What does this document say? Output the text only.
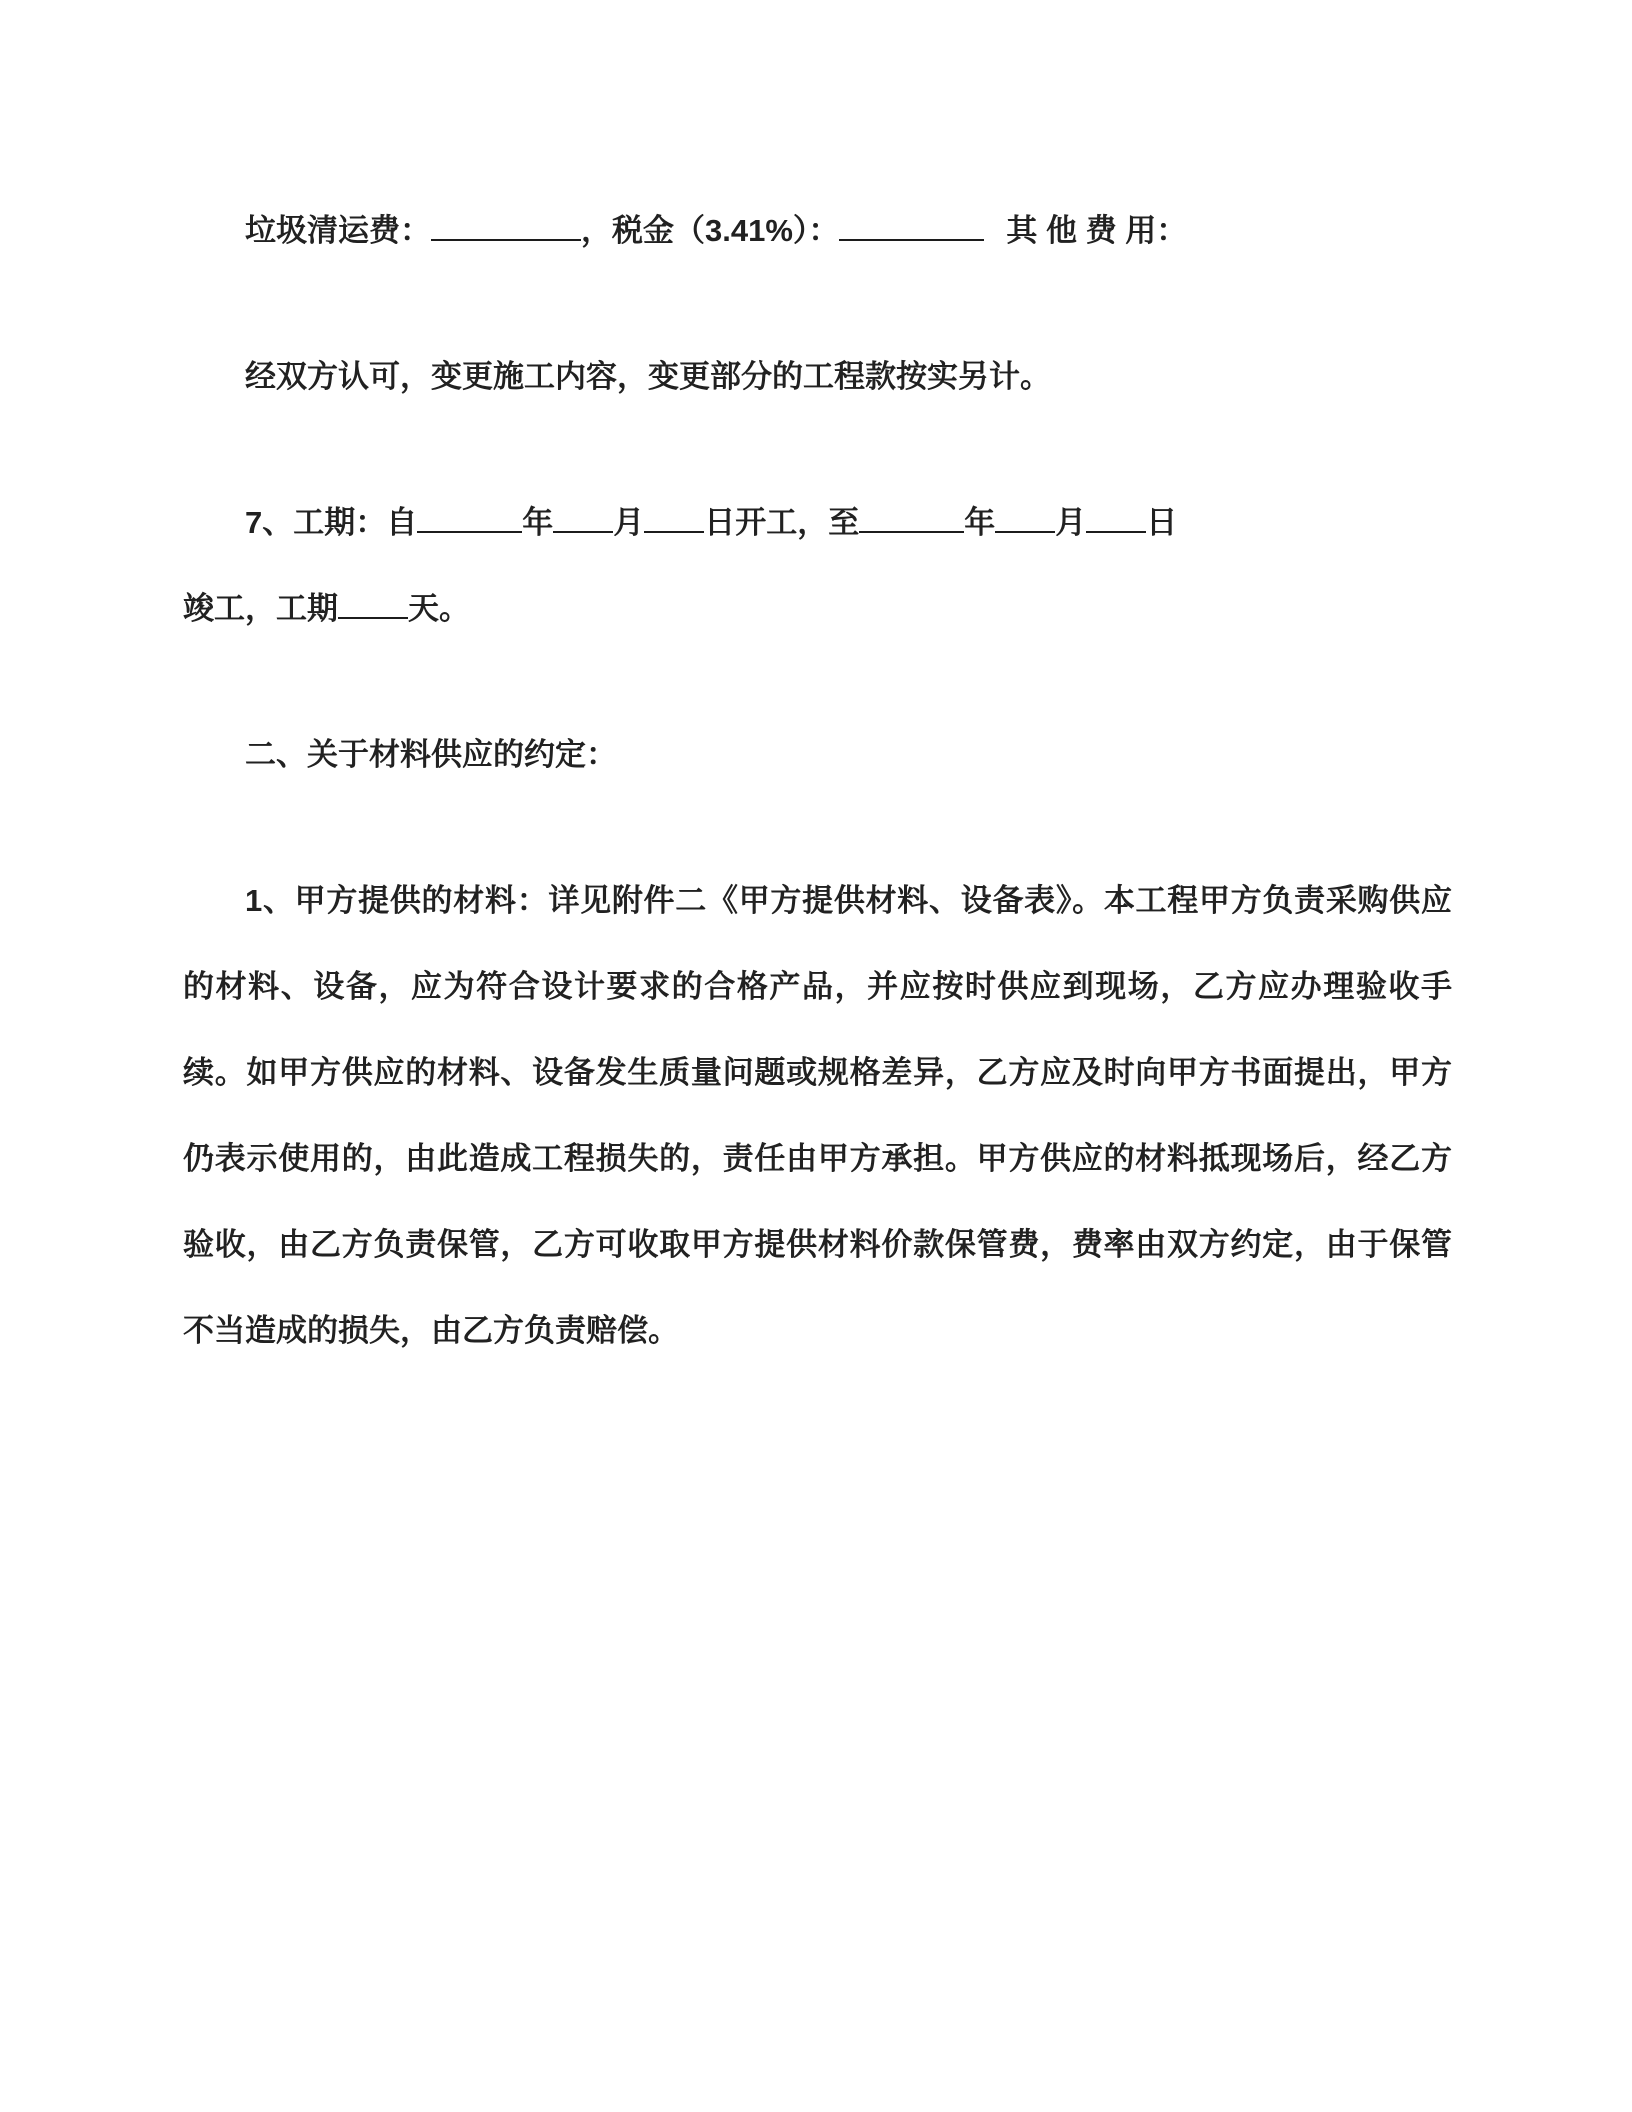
垃圾清运费：	，税金（3.41%）：	其 他 费 用：

经双方认可，变更施工内容，变更部分的工程款按实另计。

7、工期：自	年 月 日开工，至	年 月 日
竣工，工期 天。

二、关于材料供应的约定：

1、甲方提供的材料：详见附件二《甲方提供材料、设备表》。本工程甲方负责采购供应的材料、设备，应为符合设计要求的合格产品，并应按时供应到现场，乙方应办理验收手续。如甲方供应的材料、设备发生质量问题或规格差异，乙方应及时向甲方书面提出，甲方仍表示使用的，由此造成工程损失的，责任由甲方承担。甲方供应的材料抵现场后，经乙方验收，由乙方负责保管，乙方可收取甲方提供材料价款保管费，费率由双方约定，由于保管不当造成的损失，由乙方负责赔偿。
